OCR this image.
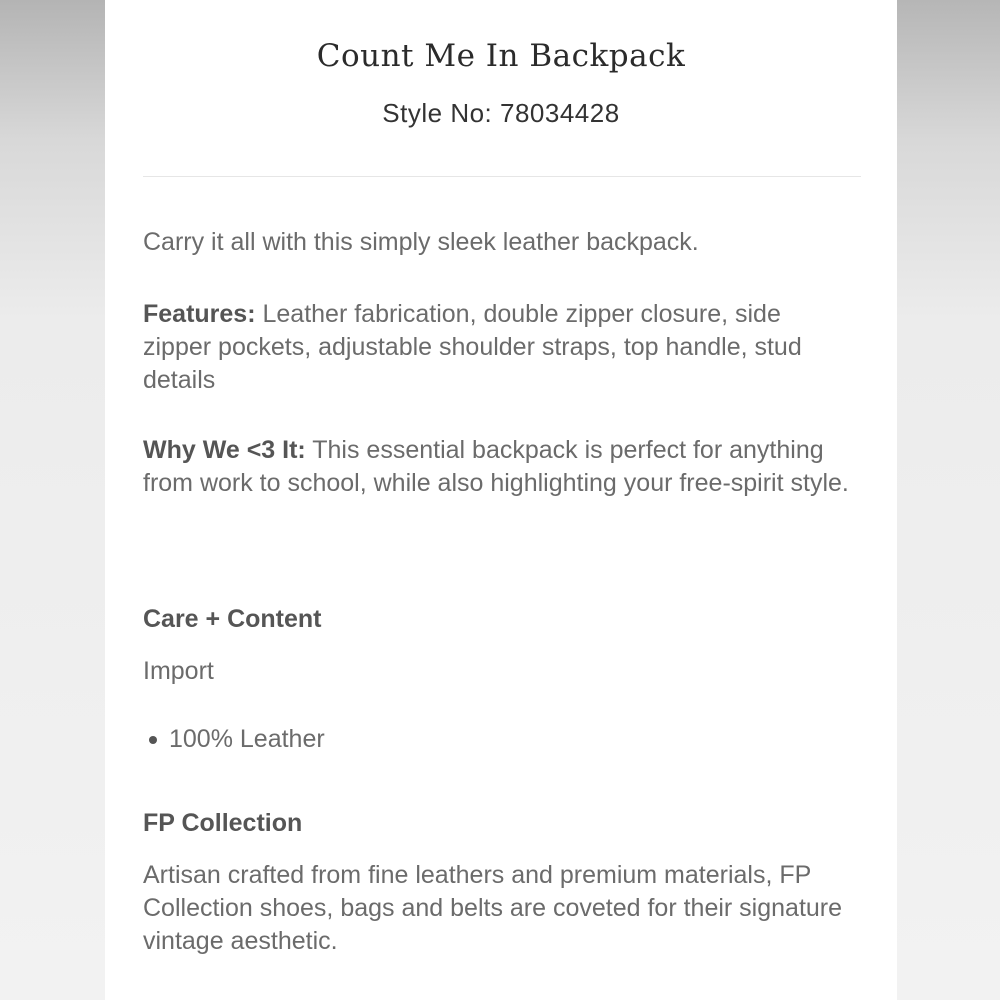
Count Me In Backpack
Style No: 78034428

Carry it all with this simply sleek leather backpack.

Features: Leather fabrication, double zipper closure, side zipper pockets, adjustable shoulder straps, top handle, stud details

Why We <3 It: This essential backpack is perfect for anything from work to school, while also highlighting your free-spirit style.

Care + Content

Import

100% Leather
FP Collection

Artisan crafted from fine leathers and premium materials, FP Collection shoes, bags and belts are coveted for their signature vintage aesthetic.
